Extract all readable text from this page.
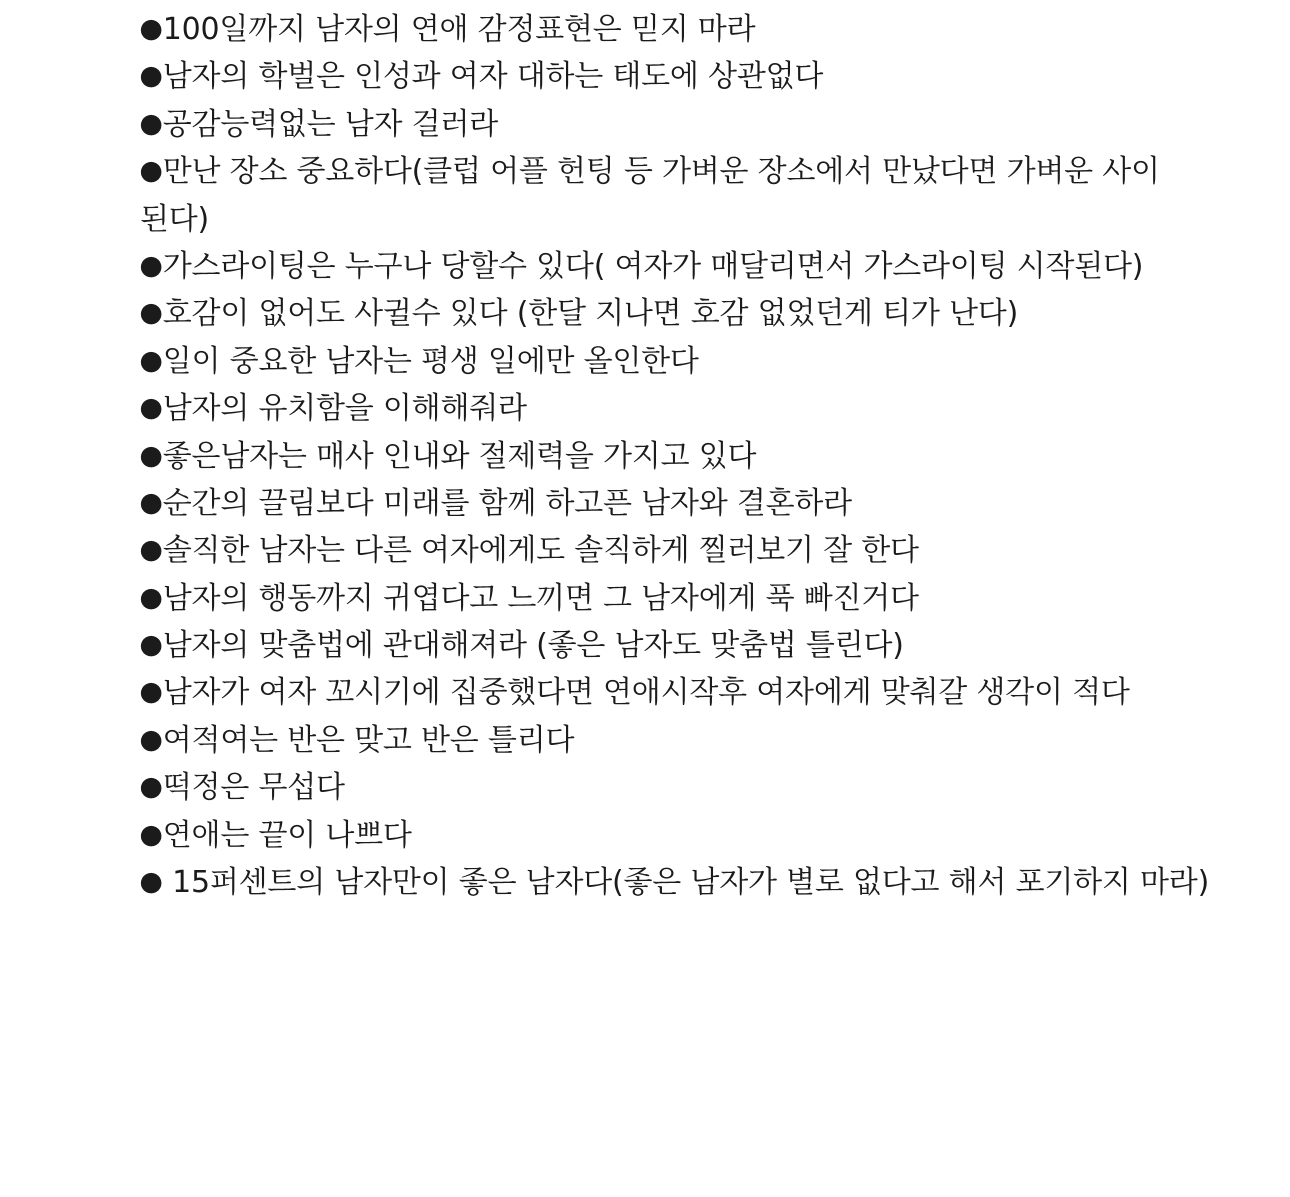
●100일까지 남자의 연애 감정표현은 믿지 마라
●남자의 학벌은 인성과 여자 대하는 태도에 상관없다
●공감능력없는 남자 걸러라
●만난 장소 중요하다(클럽 어플 헌팅 등 가벼운 장소에서 만났다면 가벼운 사이 된다)
●가스라이팅은 누구나 당할수 있다( 여자가 매달리면서 가스라이팅 시작된다)
●호감이 없어도 사귈수 있다 (한달 지나면 호감 없었던게 티가 난다)
●일이 중요한 남자는 평생 일에만 올인한다
●남자의 유치함을 이해해줘라
●좋은남자는 매사 인내와 절제력을 가지고 있다
●순간의 끌림보다 미래를 함께 하고픈 남자와 결혼하라
●솔직한 남자는 다른 여자에게도 솔직하게 찔러보기 잘 한다
●남자의 행동까지 귀엽다고 느끼면 그 남자에게 푹 빠진거다
●남자의 맞춤법에 관대해져라 (좋은 남자도 맞춤법 틀린다)
●남자가 여자 꼬시기에 집중했다면 연애시작후 여자에게 맞춰갈 생각이 적다
●여적여는 반은 맞고 반은 틀리다
●떡정은 무섭다
●연애는 끝이 나쁘다
● 15퍼센트의 남자만이 좋은 남자다(좋은 남자가 별로 없다고 해서 포기하지 마라)
